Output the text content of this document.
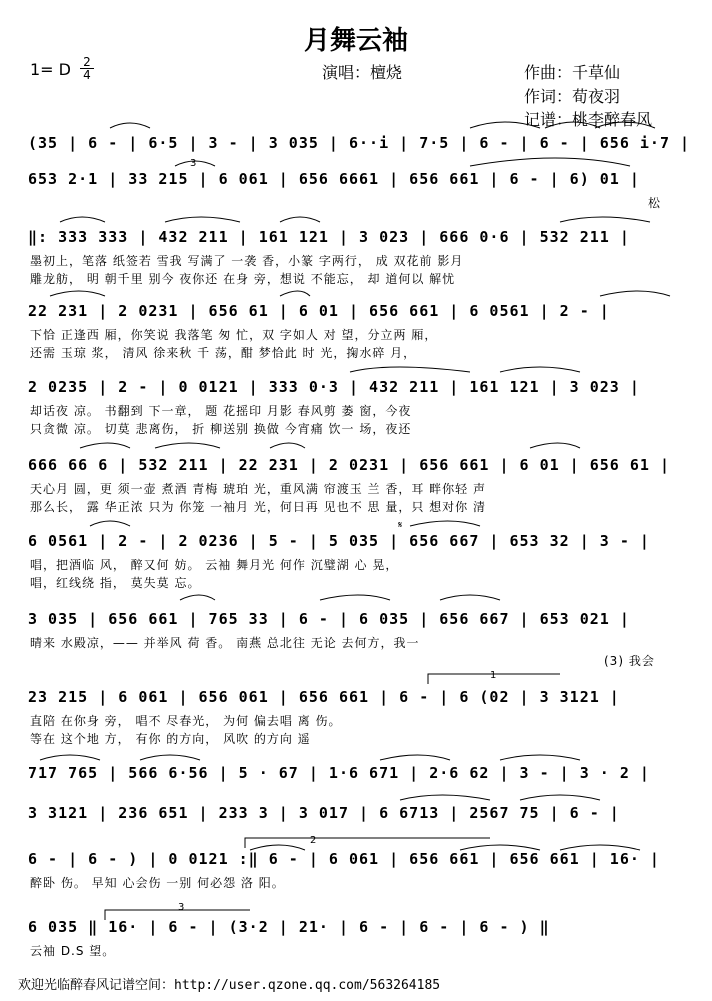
月舞云袖
1= D 2
4	演唱：檀烧	作曲：千草仙
作词：荀夜羽
记谱：桃李醉春风
3
1
2
3
𝄋
(35 | 6 - | 6·5 | 3 - | 3 035 | 6··i | 7·5 | 6 - | 6 - | 656 i·7 |
653 2·1 | 33 215 | 6 061 | 656 6661 | 656 661 | 6 - | 6) 01 |
松
‖: 333 333 | 432 211 | 161 121 | 3 023 | 666 0·6 | 532 211 |
墨初上，笔落 纸签若 雪我 写满了 一袭 香，小篆 字两行， 成 双花前 影月
雕龙舫， 明 朝千里 别今 夜你还 在身 旁，想说 不能忘， 却 道何以 解忧
22 231 | 2 0231 | 656 61 | 6 01 | 656 661 | 6 0561 | 2 - |
下恰 正逢西 厢，你笑说 我落笔 匆 忙，双 字如人 对 望，分立两 厢，
还需 玉琼 浆， 清风 徐来秋 千 荡，酣 梦恰此 时 光，掬水碎 月，
2 0235 | 2 - | 0 0121 | 333 0·3 | 432 211 | 161 121 | 3 023 |
却话夜 凉。 书翻到 下一章， 题 花摇印 月影 春风剪 萎 窗，今夜
只贪微 凉。 切莫 悲离伤， 折 柳送别 换做 今宵痛 饮一 场，夜还
666 66 6 | 532 211 | 22 231 | 2 0231 | 656 661 | 6 01 | 656 61 |
天心月 圆，更 须一壶 煮酒 青梅 琥珀 光，重风满 帘渡玉 兰 香，耳 畔你轻 声
那么长， 露 华正浓 只为 你笼 一袖月 光，何日再 见也不 思 量，只 想对你 清
6 0561 | 2 - | 2 0236 | 5 - | 5 035 | 656 667 | 653 32 | 3 - |
唱，把酒临 风， 醉又何 妨。 云袖 舞月光 何作 沉璧湖 心 晃，
唱，红线绕 指， 莫失莫 忘。
3 035 | 656 661 | 765 33 | 6 - | 6 035 | 656 667 | 653 021 |
晴来 水殿凉，—— 并举风 荷 香。 南燕 总北往 无论 去何方，我一
(3) 我会
23 215 | 6 061 | 656 061 | 656 661 | 6 - | 6 (02 | 3 3121 |
直陪 在你身 旁， 唱不 尽春光， 为何 偏去唱 离 伤。
等在 这个地 方， 有你 的方向， 风吹 的方向 遥
717 765 | 566 6·56 | 5 · 67 | 1·6 671 | 2·6 62 | 3 - | 3 · 2 |
3 3121 | 236 651 | 233 3 | 3 017 | 6 6713 | 2567 75 | 6 - |
6 - | 6 - ) | 0 0121 :‖ 6 - | 6 061 | 656 661 | 656 661 | 16· |
醉卧 伤。 早知 心会伤 一别 何必怨 洛 阳。
6 035 ‖ 16· | 6 - | (3·2 | 21· | 6 - | 6 - | 6 - ) ‖
云袖 D.S 望。
欢迎光临醉春风记谱空间：http://user.qzone.qq.com/563264185
